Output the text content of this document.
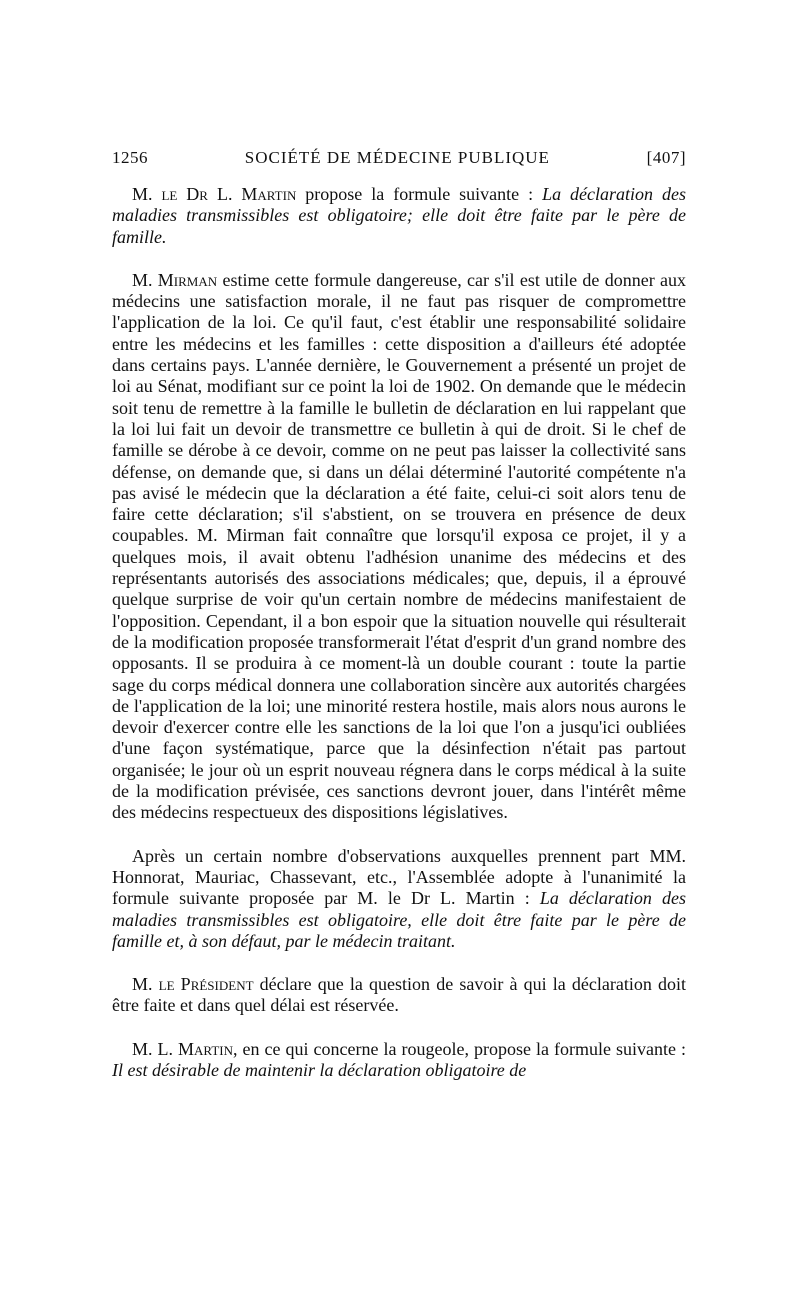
1256	SOCIÉTÉ DE MÉDECINE PUBLIQUE	[407]

M. le Dr L. Martin propose la formule suivante : La déclaration des maladies transmissibles est obligatoire; elle doit être faite par le père de famille.

M. Mirman estime cette formule dangereuse, car s'il est utile de donner aux médecins une satisfaction morale, il ne faut pas risquer de compromettre l'application de la loi. Ce qu'il faut, c'est établir une responsabilité solidaire entre les médecins et les familles : cette disposition a d'ailleurs été adoptée dans certains pays. L'année dernière, le Gouvernement a présenté un projet de loi au Sénat, modifiant sur ce point la loi de 1902. On demande que le médecin soit tenu de remettre à la famille le bulletin de déclaration en lui rappelant que la loi lui fait un devoir de transmettre ce bulletin à qui de droit. Si le chef de famille se dérobe à ce devoir, comme on ne peut pas laisser la collectivité sans défense, on demande que, si dans un délai déterminé l'autorité compétente n'a pas avisé le médecin que la déclaration a été faite, celui-ci soit alors tenu de faire cette déclaration; s'il s'abstient, on se trouvera en présence de deux coupables. M. Mirman fait connaître que lorsqu'il exposa ce projet, il y a quelques mois, il avait obtenu l'adhésion unanime des médecins et des représentants autorisés des associations médicales; que, depuis, il a éprouvé quelque surprise de voir qu'un certain nombre de médecins manifestaient de l'opposition. Cependant, il a bon espoir que la situation nouvelle qui résulterait de la modification proposée transformerait l'état d'esprit d'un grand nombre des opposants. Il se produira à ce moment-là un double courant : toute la partie sage du corps médical donnera une collaboration sincère aux autorités chargées de l'application de la loi; une minorité restera hostile, mais alors nous aurons le devoir d'exercer contre elle les sanctions de la loi que l'on a jusqu'ici oubliées d'une façon systématique, parce que la désinfection n'était pas partout organisée; le jour où un esprit nouveau régnera dans le corps médical à la suite de la modification prévisée, ces sanctions devront jouer, dans l'intérêt même des médecins respectueux des dispositions législatives.

Après un certain nombre d'observations auxquelles prennent part MM. Honnorat, Mauriac, Chassevant, etc., l'Assemblée adopte à l'unanimité la formule suivante proposée par M. le Dr L. Martin : La déclaration des maladies transmissibles est obligatoire, elle doit être faite par le père de famille et, à son défaut, par le médecin traitant.

M. le Président déclare que la question de savoir à qui la déclaration doit être faite et dans quel délai est réservée.

M. L. Martin, en ce qui concerne la rougeole, propose la formule suivante : Il est désirable de maintenir la déclaration obligatoire de
